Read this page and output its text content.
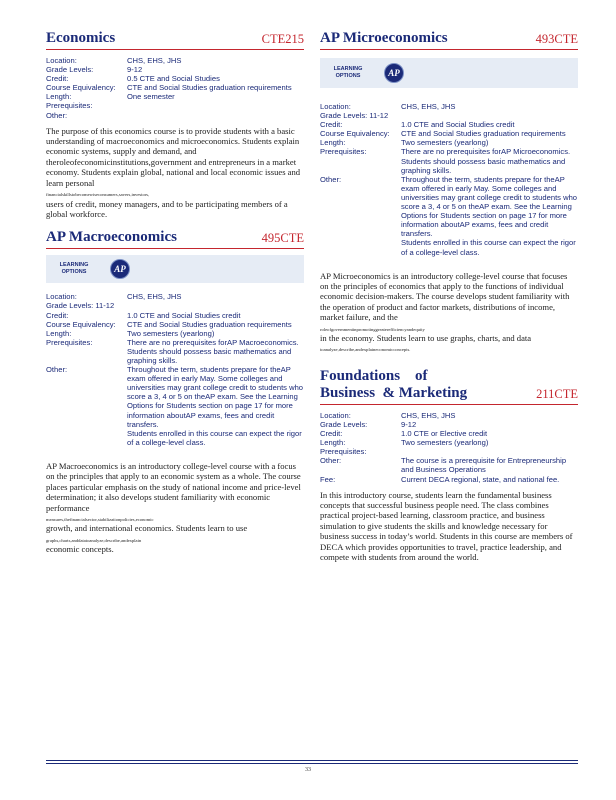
Economics	CTE215
Location:	CHS, EHS, JHS
Grade Levels:	9-12
Credit:	0.5 CTE and Social Studies
Course Equivalency:	CTE and Social Studies graduation requirements
Length:	One semester
Prerequisites:
Other:
The purpose of this economics course is to provide students with a basic understanding of macroeconomics and microeconomics. Students explain economic systems, supply and demand, and theroleofeconomicinstitutions,government and entrepreneurs in a market economy. Students explain global, national and local economic issues and learn personal
financialskillstobecomewiseconsumers,savers,investors,
users of credit, money managers, and to be participating members of a global workforce.
AP Macroeconomics	495CTE
LEARNING OPTIONS	AP
Location:	CHS, EHS, JHS
Grade Levels: 11-12
Credit:	1.0 CTE and Social Studies credit
Course Equivalency:	CTE and Social Studies graduation requirements
Length:	Two semesters (yearlong)
Prerequisites:	There are no prerequisites forAP Macroeconomics. Students should possess basic mathematics and graphing skills.
Other:	Throughout the term, students prepare for theAP exam offered in early May. Some colleges and universities may grant college credit to students who score a 3, 4 or 5 on theAP exam. See the Learning Options for Students section on page 17 for more information aboutAP exams, fees and credit transfers.

Students enrolled in this course can expect the rigor of a college-level class.

AP Macroeconomics is an introductory college-level course with a focus on the principles that apply to an economic system as a whole. The course places particular emphasis on the study of national income and price-level determination; it also develops student familiarity with economic performance
measures,thefinancialsector,stabilizationpolicies,economic
growth, and international economics. Students learn to use
graphs,charts,anddatatoanalyze,describe,andexplain
economic concepts.
AP Microeconomics	493CTE
LEARNING OPTIONS	AP
Location:	CHS, EHS, JHS
Grade Levels: 11-12
Credit:	1.0 CTE and Social Studies credit
Course Equivalency:	CTE and Social Studies graduation requirements
Length:	Two semesters (yearlong)
Prerequisites:	There are no prerequisites forAP Microeconomics. Students should possess basic mathematics and graphing skills.
Other:	Throughout the term, students prepare for theAP exam offered in early May. Some colleges and universities may grant college credit to students who score a 3, 4 or 5 on theAP exam. See the Learning Options for Students section on page 17 for more information aboutAP exams, fees and credit transfers.

Students enrolled in this course can expect the rigor of a college-level class.

AP Microeconomics is an introductory college-level course that focuses on the principles of economics that apply to the functions of individual economic decision-makers. The course develops student familiarity with the operation of product and factor markets, distributions of income, market failure, and the
roleofgovernmentinpromotinggreaterefficiencyandequity
in the economy. Students learn to use graphs, charts, and data
toanalyze,describe,andexplaineconomicconcepts.
Foundations    of
Business  & Marketing	211CTE
Location:	CHS, EHS, JHS
Grade Levels:	9-12
Credit:	1.0 CTE or Elective credit
Length:	Two semesters (yearlong)
Prerequisites:
Other:	The course is a prerequisite for Entrepreneurship and Business Operations
Fee:	Current DECA regional, state, and national fee.
In this introductory course, students learn the fundamental business concepts that successful business people need. The class combines practical project-based learning, classroom practice, and business simulation to give students the skills and knowledge necessary for business success in today’s world. Students in this course are members of DECA which provides opportunities to travel, practice leadership, and compete with students from around the world.
33
